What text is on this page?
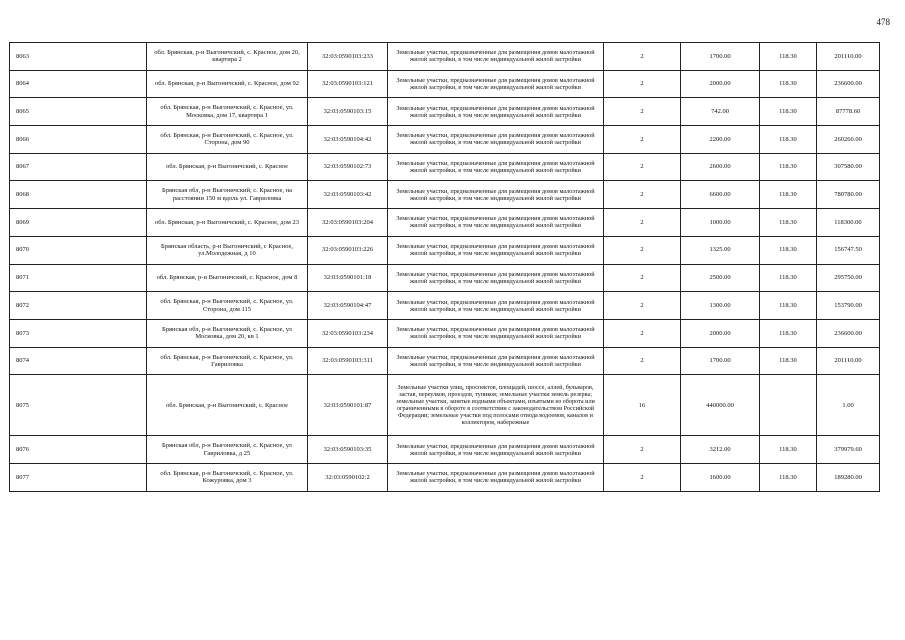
478
8063	обл. Брянская, р-н Выгоничский, с. Красное, дом 20, квартира 2	32:03:0590103:233	Земельные участки, предназначенные для размещения домов малоэтажной жилой застройки, в том числе индивидуальной жилой застройки	2	1700.00	118.30	201110.00
8064	обл. Брянская, р-н Выгоничский, с. Красное, дом 92	32:03:0590103:121	Земельные участки, предназначенные для размещения домов малоэтажной жилой застройки, в том числе индивидуальной жилой застройки	2	2000.00	118.30	236600.00
8065	обл. Брянская, р-н Выгоничский, с. Красное, ул. Московка, дом 17, квартира 1	32:03:0590103:15	Земельные участки, предназначенные для размещения домов малоэтажной жилой застройки, в том числе индивидуальной жилой застройки	2	742.00	118.30	87778.60
8066	обл. Брянская, р-н Выгоничский, с. Красное, ул. Сторона, дом 90	32:03:0590104:42	Земельные участки, предназначенные для размещения домов малоэтажной жилой застройки, в том числе индивидуальной жилой застройки	2	2200.00	118.30	260260.00
8067	обл. Брянская, р-н Выгоничский, с. Красное	32:03:0590102:73	Земельные участки, предназначенные для размещения домов малоэтажной жилой застройки, в том числе индивидуальной жилой застройки	2	2600.00	118.30	307580.00
8068	Брянская обл, р-н Выгоничский, с. Красное, на расстоянии 150 м вдоль ул. Гавриловка	32:03:0590103:42	Земельные участки, предназначенные для размещения домов малоэтажной жилой застройки, в том числе индивидуальной жилой застройки	2	6600.00	118.30	780780.00
8069	обл. Брянская, р-н Выгоничский, с. Красное, дом 23	32:03:0590103:204	Земельные участки, предназначенные для размещения домов малоэтажной жилой застройки, в том числе индивидуальной жилой застройки	2	1000.00	118.30	118300.00
8070	Брянская область, р-н Выгоничский, с Красное, ул.Молодежная, д 10	32:03:0590103:226	Земельные участки, предназначенные для размещения домов малоэтажной жилой застройки, в том числе индивидуальной жилой застройки	2	1325.00	118.30	156747.50
8071	обл. Брянская, р-н Выгоничский, с. Красное, дом 8	32:03:0590101:18	Земельные участки, предназначенные для размещения домов малоэтажной жилой застройки, в том числе индивидуальной жилой застройки	2	2500.00	118.30	295750.00
8072	обл. Брянская, р-н Выгоничский, с. Красное, ул. Сторона, дом 115	32:03:0590104:47	Земельные участки, предназначенные для размещения домов малоэтажной жилой застройки, в том числе индивидуальной жилой застройки	2	1300.00	118.30	153790.00
8073	Брянская обл, р-н Выгоничский, с. Красное, ул Московка, дом 20, кв 1	32:03:0590103:234	Земельные участки, предназначенные для размещения домов малоэтажной жилой застройки, в том числе индивидуальной жилой застройки	2	2000.00	118.30	236600.00
8074	обл. Брянская, р-н Выгоничский, с. Красное, ул. Гавриловка	32:03:0590103:311	Земельные участки, предназначенные для размещения домов малоэтажной жилой застройки, в том числе индивидуальной жилой застройки	2	1700.00	118.30	201110.00
8075	обл. Брянская, р-н Выгоничский, с. Красное	32:03:0590101:87	Земельные участки улиц, проспектов, площадей, шоссе, аллей, бульваров, застав, переулков, проездов, тупиков; земельные участки земель резерва; земельные участки, занятые водными объектами, изъятыми из оборота или ограниченными в обороте в соответствии с законодательством Российской Федерации; земельные участки под полосами отвода водоемов, каналов и коллекторов, набережные	16	440000.00		1.00
8076	Брянская обл, р-н Выгоничский, с. Красное, ул Гавриловка, д 25	32:03:0590103:35	Земельные участки, предназначенные для размещения домов малоэтажной жилой застройки, в том числе индивидуальной жилой застройки	2	3212.00	118.30	379979.60
8077	обл. Брянская, р-н Выгоничский, с. Красное, ул. Кожуровка, дом 3	32:03:0590102:2	Земельные участки, предназначенные для размещения домов малоэтажной жилой застройки, в том числе индивидуальной жилой застройки	2	1600.00	118.30	189280.00
